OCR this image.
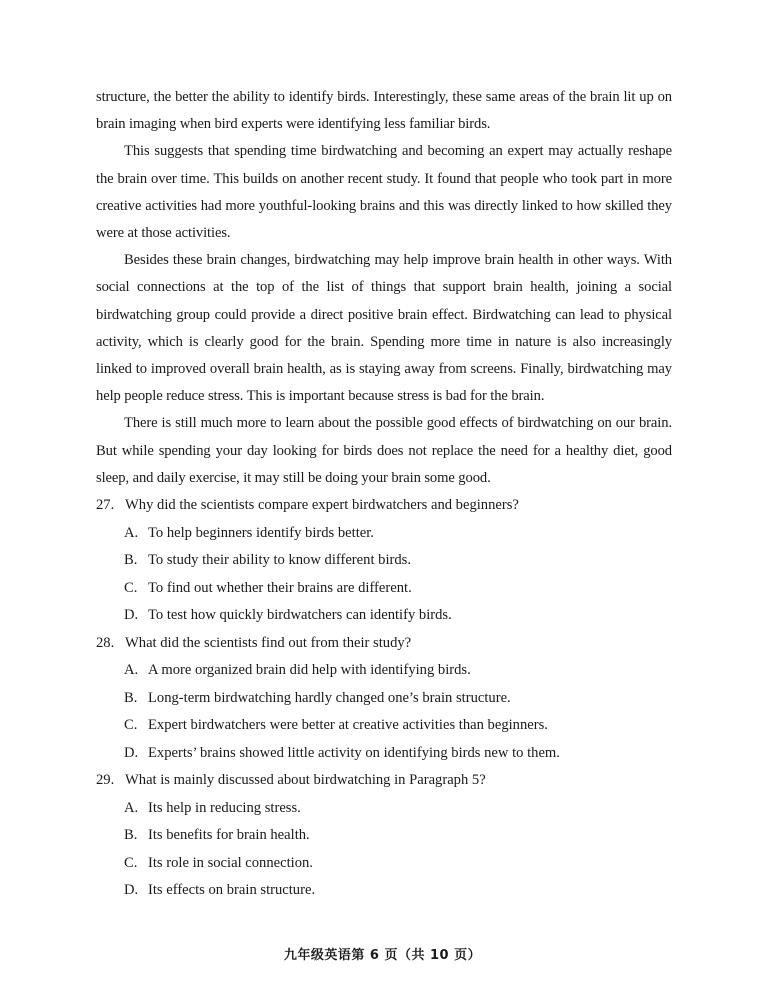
structure, the better the ability to identify birds. Interestingly, these same areas of the brain lit up on brain imaging when bird experts were identifying less familiar birds.

This suggests that spending time birdwatching and becoming an expert may actually reshape the brain over time. This builds on another recent study. It found that people who took part in more creative activities had more youthful-looking brains and this was directly linked to how skilled they were at those activities.

Besides these brain changes, birdwatching may help improve brain health in other ways. With social connections at the top of the list of things that support brain health, joining a social birdwatching group could provide a direct positive brain effect. Birdwatching can lead to physical activity, which is clearly good for the brain. Spending more time in nature is also increasingly linked to improved overall brain health, as is staying away from screens. Finally, birdwatching may help people reduce stress. This is important because stress is bad for the brain.

There is still much more to learn about the possible good effects of birdwatching on our brain. But while spending your day looking for birds does not replace the need for a healthy diet, good sleep, and daily exercise, it may still be doing your brain some good.

27. Why did the scientists compare expert birdwatchers and beginners?
A. To help beginners identify birds better.
B. To study their ability to know different birds.
C. To find out whether their brains are different.
D. To test how quickly birdwatchers can identify birds.
28. What did the scientists find out from their study?
A. A more organized brain did help with identifying birds.
B. Long-term birdwatching hardly changed one’s brain structure.
C. Expert birdwatchers were better at creative activities than beginners.
D. Experts’ brains showed little activity on identifying birds new to them.
29. What is mainly discussed about birdwatching in Paragraph 5?
A. Its help in reducing stress.
B. Its benefits for brain health.
C. Its role in social connection.
D. Its effects on brain structure.
九年级英语第 6 页（共 10 页）
